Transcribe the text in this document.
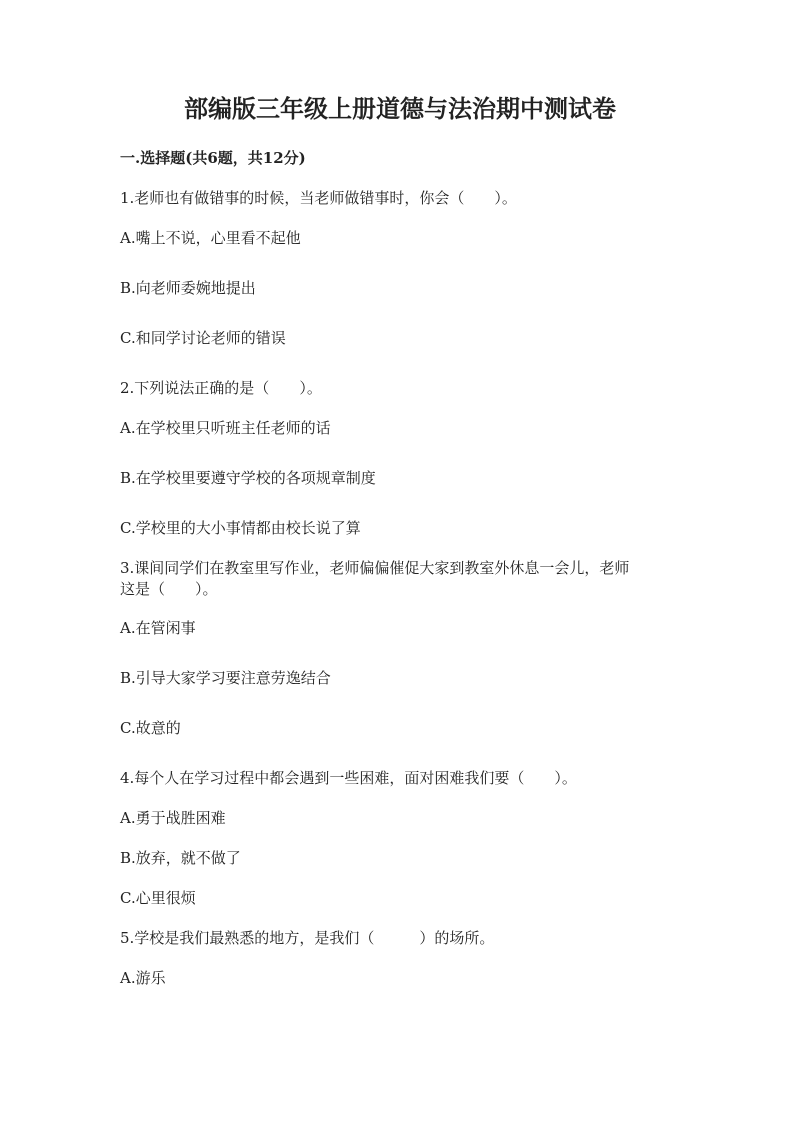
部编版三年级上册道德与法治期中测试卷
一.选择题(共6题，共12分)
1.老师也有做错事的时候，当老师做错事时，你会（　　）。
A.嘴上不说，心里看不起他
B.向老师委婉地提出
C.和同学讨论老师的错误
2.下列说法正确的是（　　）。
A.在学校里只听班主任老师的话
B.在学校里要遵守学校的各项规章制度
C.学校里的大小事情都由校长说了算
3.课间同学们在教室里写作业，老师偏偏催促大家到教室外休息一会儿，老师
这是（　　）。
A.在管闲事
B.引导大家学习要注意劳逸结合
C.故意的
4.每个人在学习过程中都会遇到一些困难，面对困难我们要（　　）。
A.勇于战胜困难
B.放弃，就不做了
C.心里很烦
5.学校是我们最熟悉的地方，是我们（　　　）的场所。
A.游乐
